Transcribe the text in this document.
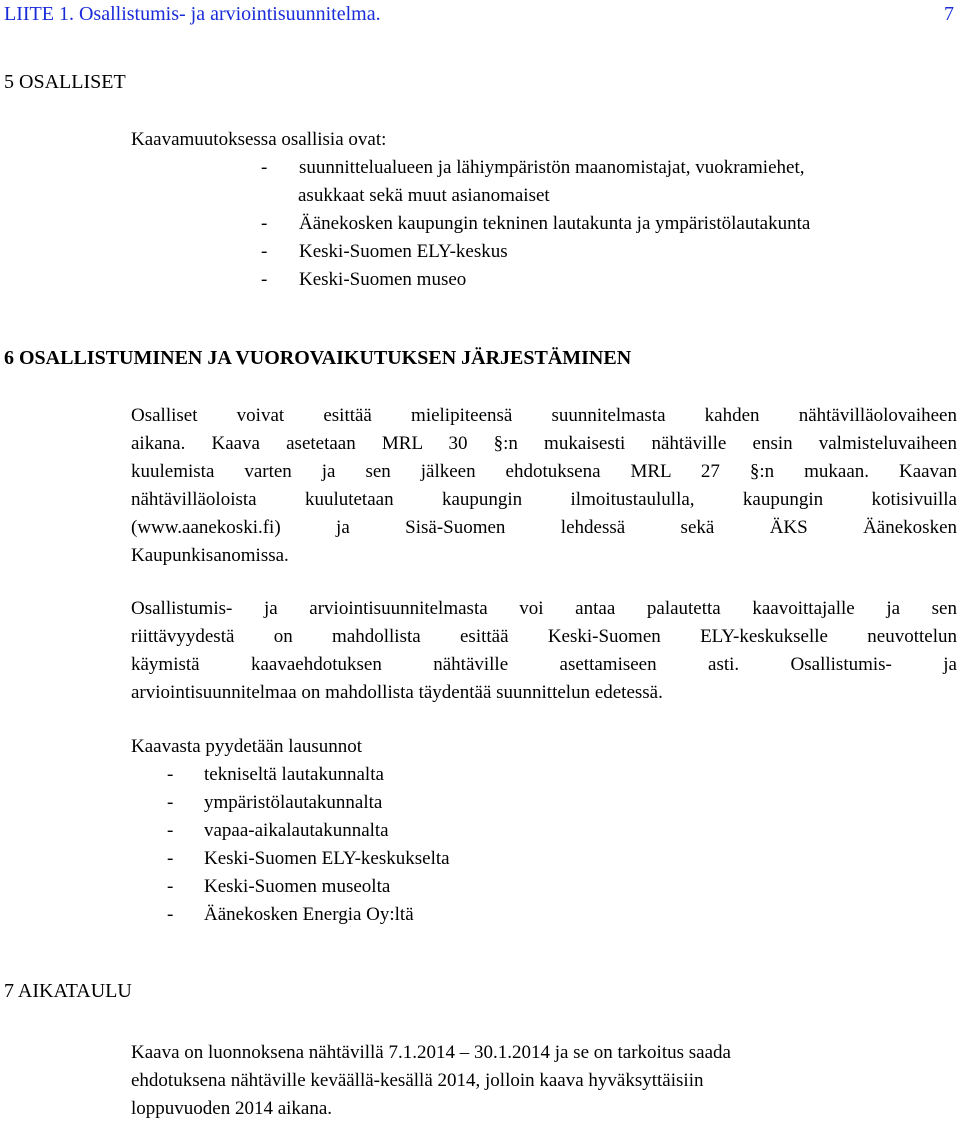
LIITE 1. Osallistumis- ja arviointisuunnitelma.	7
5 OSALLISET
Kaavamuutoksessa osallisia ovat:
- suunnittelualueen ja lähiympäristön maanomistajat, vuokramiehet,
asukkaat sekä muut asianomaiset
- Äänekosken kaupungin tekninen lautakunta ja ympäristölautakunta
- Keski-Suomen ELY-keskus
- Keski-Suomen museo
6 OSALLISTUMINEN JA VUOROVAIKUTUKSEN JÄRJESTÄMINEN
Osalliset voivat esittää mielipiteensä suunnitelmasta kahden nähtävilläolovaiheen
aikana. Kaava asetetaan MRL 30 §:n mukaisesti nähtäville ensin valmisteluvaiheen
kuulemista varten ja sen jälkeen ehdotuksena MRL 27 §:n mukaan. Kaavan
nähtävilläoloista kuulutetaan kaupungin ilmoitustaululla, kaupungin kotisivuilla
(www.aanekoski.fi) ja Sisä-Suomen lehdessä sekä ÄKS Äänekosken
Kaupunkisanomissa.
Osallistumis- ja arviointisuunnitelmasta voi antaa palautetta kaavoittajalle ja sen
riittävyydestä on mahdollista esittää Keski-Suomen ELY-keskukselle neuvottelun
käymistä kaavaehdotuksen nähtäville asettamiseen asti. Osallistumis- ja
arviointisuunnitelmaa on mahdollista täydentää suunnittelun edetessä.
Kaavasta pyydetään lausunnot
- tekniseltä lautakunnalta
- ympäristölautakunnalta
- vapaa-aikalautakunnalta
- Keski-Suomen ELY-keskukselta
- Keski-Suomen museolta
- Äänekosken Energia Oy:ltä
7 AIKATAULU
Kaava on luonnoksena nähtävillä 7.1.2014 – 30.1.2014 ja se on tarkoitus saada
ehdotuksena nähtäville keväällä-kesällä 2014, jolloin kaava hyväksyttäisiin
loppuvuoden 2014 aikana.
